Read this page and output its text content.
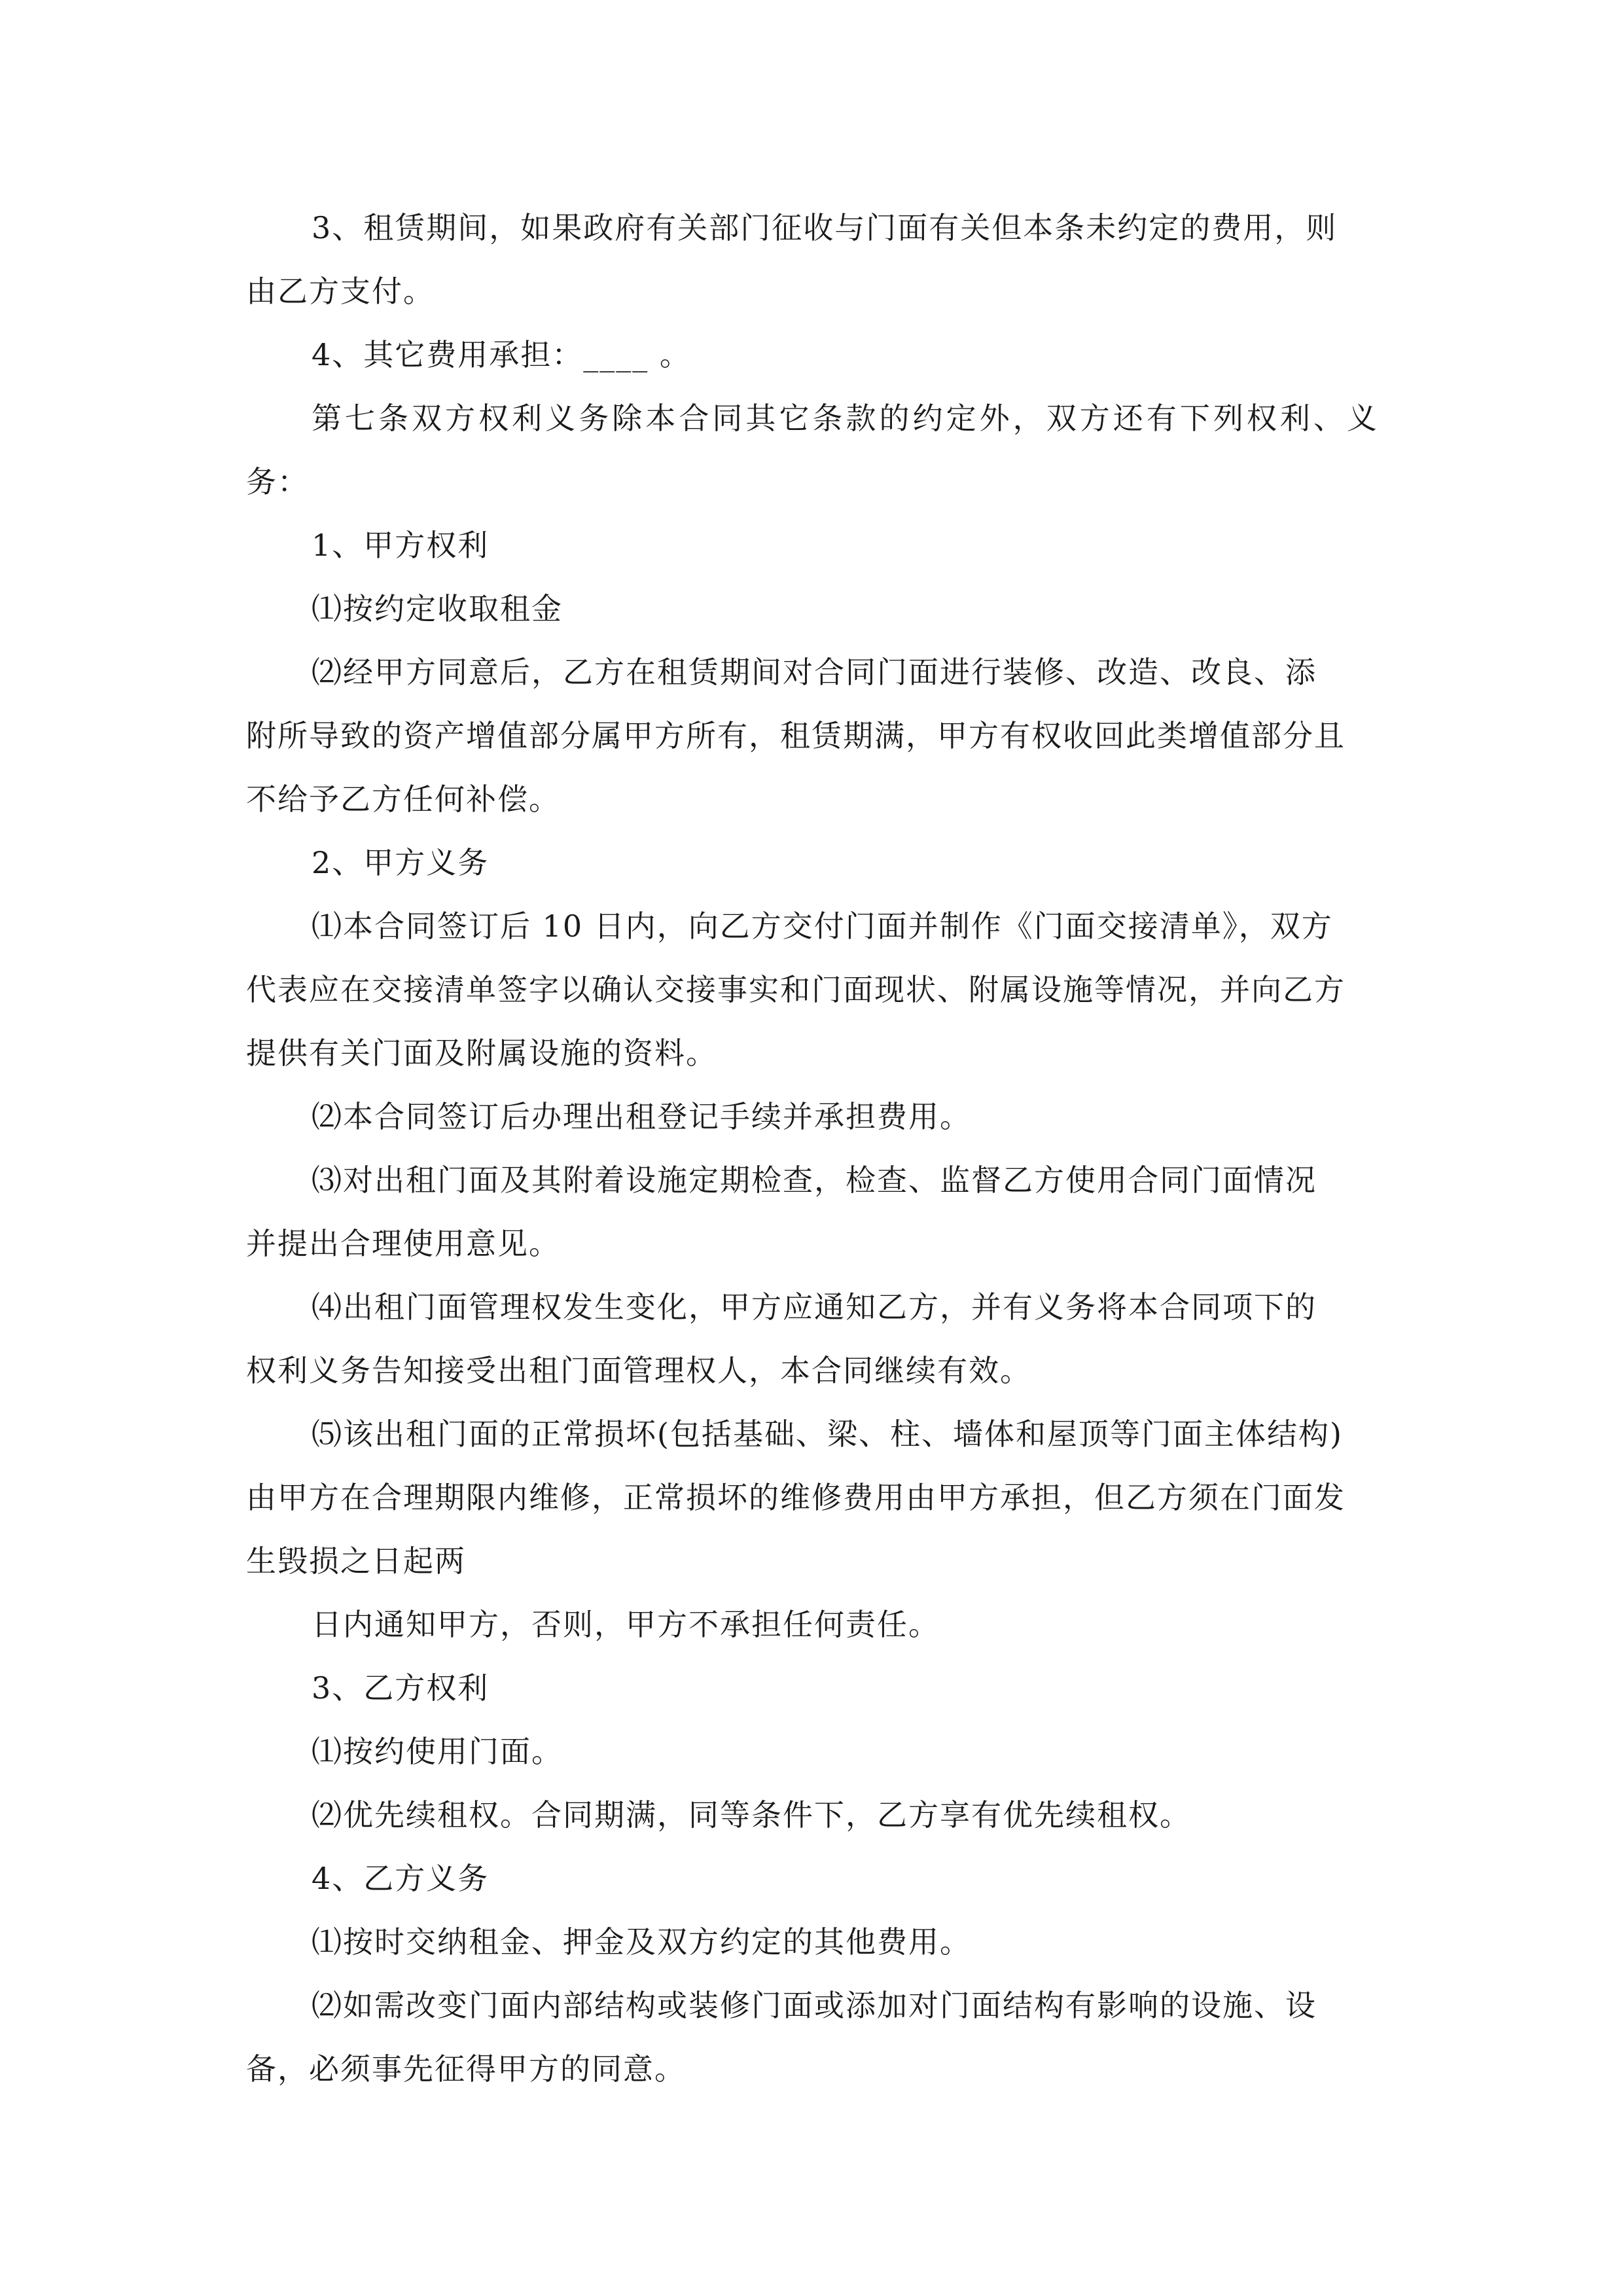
3、租赁期间，如果政府有关部门征收与门面有关但本条未约定的费用，则

由乙方支付。

4、其它费用承担：____ 。

第七条双方权利义务除本合同其它条款的约定外，双方还有下列权利、义务：

1、甲方权利

⑴按约定收取租金

⑵经甲方同意后，乙方在租赁期间对合同门面进行装修、改造、改良、添

附所导致的资产增值部分属甲方所有，租赁期满，甲方有权收回此类增值部分且

不给予乙方任何补偿。

2、甲方义务

⑴本合同签订后 10 日内，向乙方交付门面并制作《门面交接清单》，双方

代表应在交接清单签字以确认交接事实和门面现状、附属设施等情况，并向乙方

提供有关门面及附属设施的资料。

⑵本合同签订后办理出租登记手续并承担费用。

⑶对出租门面及其附着设施定期检查，检查、监督乙方使用合同门面情况

并提出合理使用意见。

⑷出租门面管理权发生变化，甲方应通知乙方，并有义务将本合同项下的

权利义务告知接受出租门面管理权人，本合同继续有效。

⑸该出租门面的正常损坏(包括基础、梁、柱、墙体和屋顶等门面主体结构)

由甲方在合理期限内维修，正常损坏的维修费用由甲方承担，但乙方须在门面发

生毁损之日起两

日内通知甲方，否则，甲方不承担任何责任。

3、乙方权利

⑴按约使用门面。

⑵优先续租权。合同期满，同等条件下，乙方享有优先续租权。

4、乙方义务

⑴按时交纳租金、押金及双方约定的其他费用。

⑵如需改变门面内部结构或装修门面或添加对门面结构有影响的设施、设

备，必须事先征得甲方的同意。
